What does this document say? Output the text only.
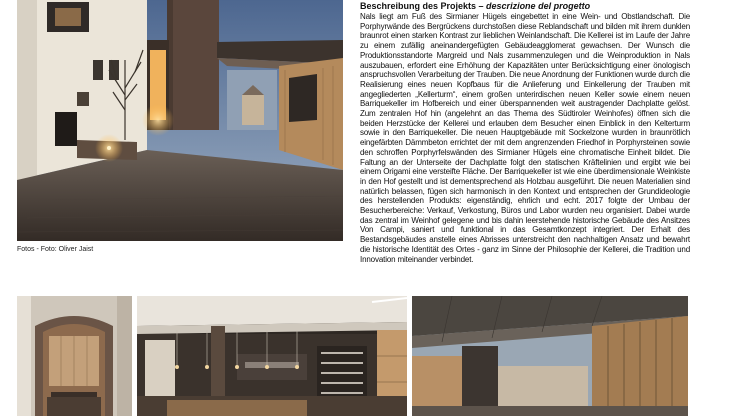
Fotos - Foto: Oliver Jaist
Beschreibung des Projekts – descrizione del progetto

Nals liegt am Fuß des Sirmianer Hügels eingebettet in eine Wein- und Obstlandschaft. Die Porphyrwände des Bergrückens durchstoßen diese Reblandschaft und bilden mit ihrem dunklen braunrot einen starken Kontrast zur lieblichen Weinlandschaft. Die Kellerei ist im Laufe der Jahre zu einem zufällig aneinandergefügten Gebäudeagglomerat gewachsen. Der Wunsch die Produktionsstandorte Margreid und Nals zusammenzulegen und die Weinproduktion in Nals auszubauen, erfordert eine Erhöhung der Kapazitäten unter Berücksichtigung einer önologisch anspruchsvollen Verarbeitung der Trauben. Die neue Anordnung der Funktionen wurde durch die Realisierung eines neuen Kopfbaus für die Anlieferung und Einkellerung der Trauben mit angegliederten „Kellerturm“, einem großen unterirdischen neuen Keller sowie einem neuen Barriquekeller im Hofbereich und einer überspannenden weit austragender Dachplatte gelöst. Zum zentralen Hof hin (angelehnt an das Thema des Südtiroler Weinhofes) öffnen sich die beiden Herzstücke der Kellerei und erlauben dem Besucher einen Einblick in den Kelterturm sowie in den Barriquekeller. Die neuen Hauptgebäude mit Sockelzone wurden in braunrötlich eingefärbten Dämmbeton errichtet der mit dem angrenzenden Friedhof in Porphyrsteinen sowie den schroffen Porphyrfelswänden des Sirmianer Hügels eine chromatische Einheit bildet. Die Faltung an der Unterseite der Dachplatte folgt den statischen Kräftelinien und ergibt wie bei einem Origami eine versteifte Fläche. Der Barriquekeller ist wie eine überdimensionale Weinkiste in den Hof gestellt und ist dementsprechend als Holzbau ausgeführt. Die neuen Materialien sind natürlich belassen, fügen sich harmonisch in den Kontext und entsprechen der Grundideologie des herstellenden Produkts: eigenständig, ehrlich und echt. 2017 folgte der Umbau der Besucherbereiche: Verkauf, Verkostung, Büros und Labor wurden neu organisiert. Dabei wurde das zentral im Weinhof gelegene und bis dahin leerstehende historische Gebäude des Ansitzes Von Campi, saniert und funktional in das Gesamtkonzept integriert. Der Erhalt des Bestandsgebäudes anstelle eines Abrisses unterstreicht den nachhaltigen Ansatz und bewahrt die historische Identität des Ortes - ganz im Sinne der Philosophie der Kellerei, die Tradition und Innovation miteinander verbindet.
